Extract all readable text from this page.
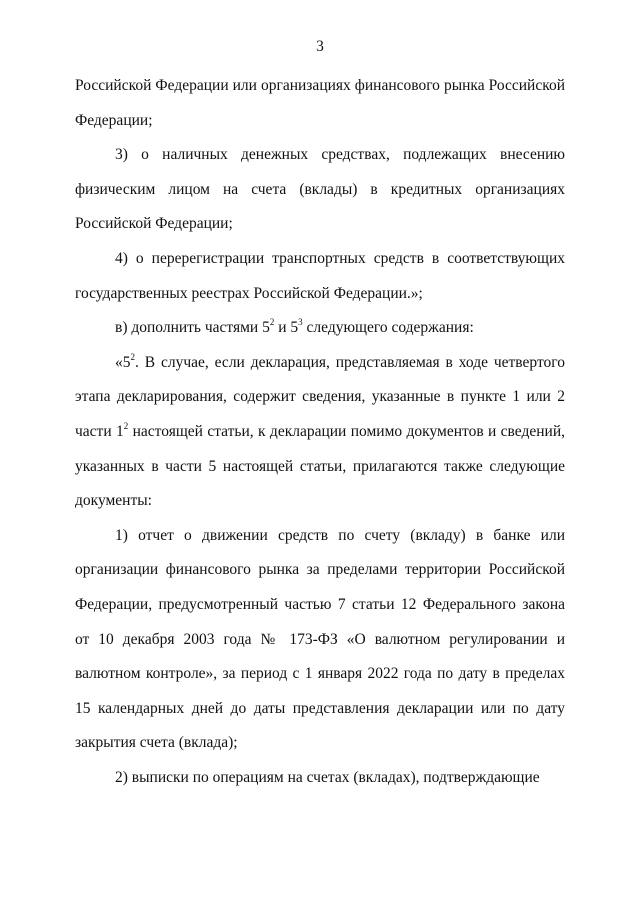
3

Российской Федерации или организациях финансового рынка Российской Федерации;

3) о наличных денежных средствах, подлежащих внесению физическим лицом на счета (вклады) в кредитных организациях Российской Федерации;

4) о перерегистрации транспортных средств в соответствующих государственных реестрах Российской Федерации.»;

в) дополнить частями $5^2$ и $5^3$ следующего содержания:

«$5^2$. В случае, если декларация, представляемая в ходе четвертого этапа декларирования, содержит сведения, указанные в пункте 1 или 2 части $1^2$ настоящей статьи, к декларации помимо документов и сведений, указанных в части 5 настоящей статьи, прилагаются также следующие документы:

1) отчет о движении средств по счету (вкладу) в банке или организации финансового рынка за пределами территории Российской Федерации, предусмотренный частью 7 статьи 12 Федерального закона от 10 декабря 2003 года № 173-ФЗ «О валютном регулировании и валютном контроле», за период с 1 января 2022 года по дату в пределах 15 календарных дней до даты представления декларации или по дату закрытия счета (вклада);

2) выписки по операциям на счетах (вкладах), подтверждающие
